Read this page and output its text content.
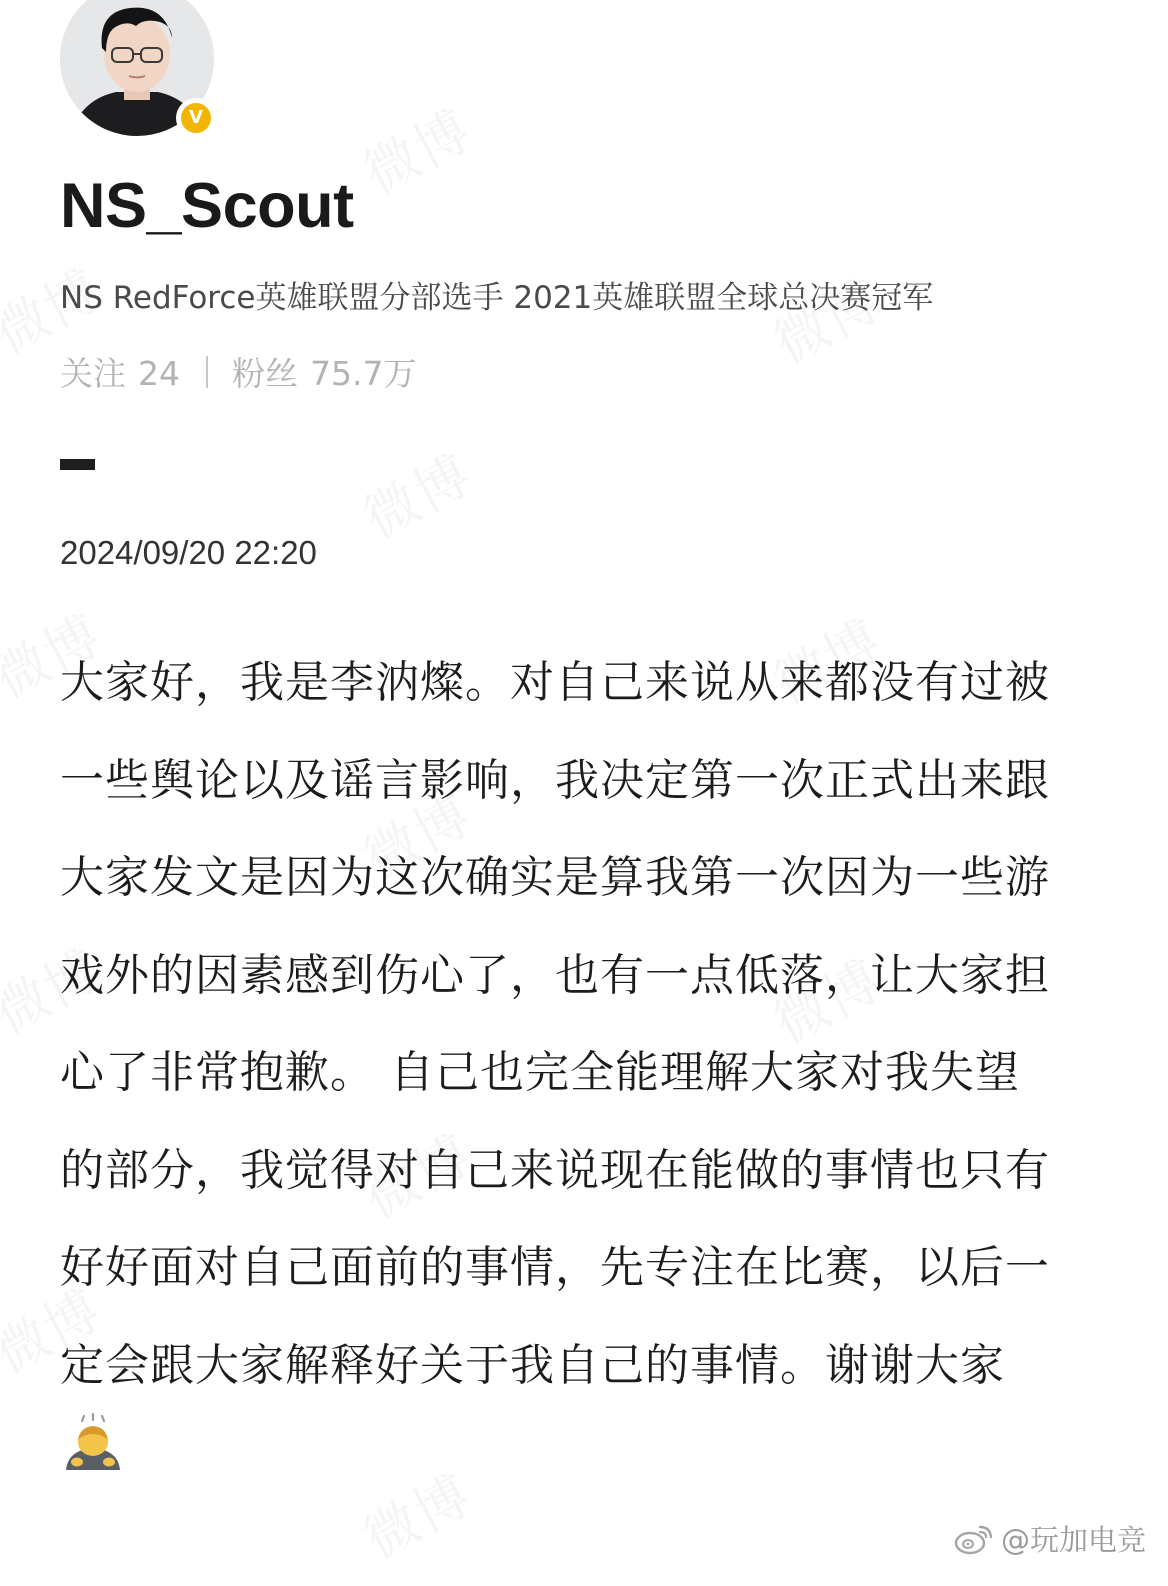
V
NS_Scout
NS RedForce英雄联盟分部选手 2021英雄联盟全球总决赛冠军
关注 24 粉丝 75.7万
2024/09/20 22:20
大家好，我是李汭燦。对自己来说从来都没有过被
一些舆论以及谣言影响，我决定第一次正式出来跟
大家发文是因为这次确实是算我第一次因为一些游
戏外的因素感到伤心了，也有一点低落，让大家担
心了非常抱歉。 自己也完全能理解大家对我失望
的部分，我觉得对自己来说现在能做的事情也只有
好好面对自己面前的事情，先专注在比赛，以后一
定会跟大家解释好关于我自己的事情。谢谢大家
@玩加电竞
